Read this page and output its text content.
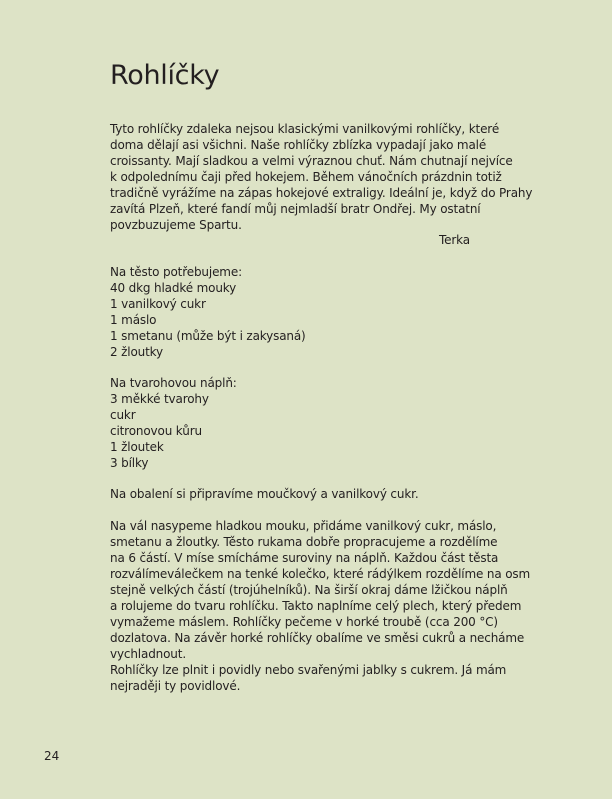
Rohlíčky
Tyto rohlíčky zdaleka nejsou klasickými vanilkovými rohlíčky, které
doma dělají asi všichni. Naše rohlíčky zblízka vypadají jako malé
croissanty. Mají sladkou a velmi výraznou chuť. Nám chutnají nejvíce
k odpolednímu čaji před hokejem. Během vánočních prázdnin totiž
tradičně vyrážíme na zápas hokejové extraligy. Ideální je, když do Prahy
zavítá Plzeň, které fandí můj nejmladší bratr Ondřej. My ostatní
povzbuzujeme Spartu.
Terka
Na těsto potřebujeme:
40 dkg hladké mouky
1 vanilkový cukr
1 máslo
1 smetanu (může být i zakysaná)
2 žloutky
Na tvarohovou náplň:
3 měkké tvarohy
cukr
citronovou kůru
1 žloutek
3 bílky
Na obalení si připravíme moučkový a vanilkový cukr.
Na vál nasypeme hladkou mouku, přidáme vanilkový cukr, máslo,
smetanu a žloutky. Těsto rukama dobře propracujeme a rozdělíme
na 6 částí. V míse smícháme suroviny na náplň. Každou část těsta
rozválímeválečkem na tenké kolečko, které rádýlkem rozdělíme na osm
stejně velkých částí (trojúhelníků). Na širší okraj dáme lžičkou náplň
a rolujeme do tvaru rohlíčku. Takto naplníme celý plech, který předem
vymažeme máslem. Rohlíčky pečeme v horké troubě (cca 200 °C)
dozlatova. Na závěr horké rohlíčky obalíme ve směsi cukrů a necháme
vychladnout.
Rohlíčky lze plnit i povidly nebo svařenými jablky s cukrem. Já mám
nejraději ty povidlové.
24
